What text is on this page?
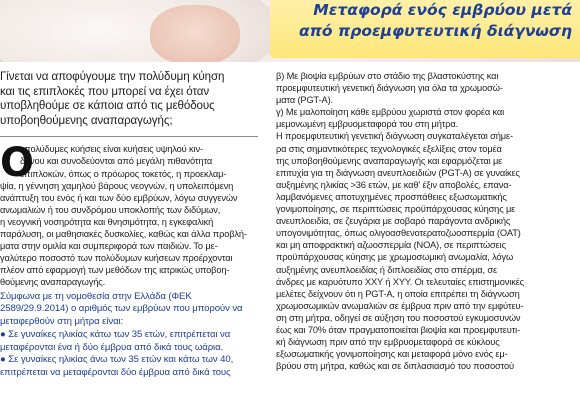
Μεταφορά ενός εμβρύου μετά
από προεμφυτευτική διάγνωση
Γίνεται να αποφύγουμε την πολύδυμη κύηση
και τις επιπλοκές που μπορεί να έχει όταν
υποβληθούμε σε κάποια από τις μεθόδους
υποβοηθούμενης αναπαραγωγής;
Ο
ι πολύδυμες κυήσεις είναι κυήσεις υψηλού κιν-
δύνου και συνοδεύονται από μεγάλη πιθανότητα
επιπλοκών, όπως ο πρόωρος τοκετός, η προεκλαμ-
ψία, η γέννηση χαμηλού βάρους νεογνών, η υπολειπόμενη
ανάπτυξη του ενός ή και των δύο εμβρύων, λόγω συγγενών
ανωμαλιών ή του συνδρόμου υποκλοπής των διδύμων,
η νεογνική νοσηρότητα και θνησιμότητα, η εγκεφαλική
παράλυση, οι μαθησιακές δυσκολίες, καθώς και άλλα προβλή-
ματα στην ομιλία και συμπεριφορά των παιδιών. Το με-
γαλύτερο ποσοστό των πολύδυμων κυήσεων προέρχονται
πλέον από εφαρμογή των μεθόδων της ιατρικώς υποβοη-
θούμενης αναπαραγωγής.
Σύμφωνα με τη νομοθεσία στην Ελλάδα (ΦΕΚ
2589/29.9.2014) ο αριθμός των εμβρύων που μπορούν να
μεταφερθούν στη μήτρα είναι:
● Σε γυναίκες ηλικίας κάτω των 35 ετών, επιτρέπεται να
μεταφέρονται ένα ή δύο έμβρυα από δικά τους ωάρια.
● Σε γυναίκες ηλικίας άνω των 35 ετών και κάτω των 40,
επιτρέπεται να μεταφέρονται δύο έμβρυα από δικά τους
β) Με βιοψία εμβρύων στο στάδιο της βλαστοκύστης και
προεμφυτευτική γενετική διάγνωση για όλα τα χρωμοσώ-
ματα (PGT-A).
γ) Με μαλοποίηση κάθε εμβρύου χωριστά στον φορέα και
μεμονωμένη εμβρυομεταφορά του στη μήτρα.
Η προεμφυτευτική γενετική διάγνωση συγκαταλέγεται σήμε-
ρα στις σημαντικότερες τεχνολογικές εξελίξεις στον τομέα
της υποβοηθούμενης αναπαραγωγής και εφαρμόζεται με
επιτυχία για τη διάγνωση ανευπλοειδιών (PGT-A) σε γυναίκες
αυξημένης ηλικίας >36 ετών, με καθ' έξιν αποβολές, επανα-
λαμβανόμενες αποτυχημένες προσπάθειες εξωσωματικής
γονιμοποίησης, σε περιπτώσεις προϋπάρχουσας κύησης με
ανευπλοειδία, σε ζευγάρια με σοβαρό παράγοντα ανδρικής
υπογονιμότητας, όπως ολιγοασθενοτερατοζωοσπερμία (OAT)
και μη αποφρακτική αζωοσπερμία (ΝΟΑ), σε περιπτώσεις
προϋπάρχουσας κύησης με χρωμοσωμική ανωμαλία, λόγω
αυξημένης ανευπλοειδίας ή διπλοειδίας στο σπέρμα, σε
άνδρες με καρυότυπο XXY ή XYY. Οι τελευταίες επιστημονικές
μελέτες δείχνουν ότι η PGT-A, η οποία επιτρέπει τη διάγνωση
χρωμοσωμικών ανωμαλιών σε έμβρυα πριν από την εμφύτευ-
ση στη μήτρα, οδηγεί σε αύξηση του ποσοστού εγκυμοσυνών
έως και 70% όταν πραγματοποιείται βιοψία και προεμφυτευτι-
κή διάγνωση πριν από την εμβρυομεταφορά σε κύκλους
εξωσωματικής γονιμοποίησης και μεταφορά μόνο ενός εμ-
βρύου στη μήτρα, καθώς και σε διπλασιασμό του ποσοστού
